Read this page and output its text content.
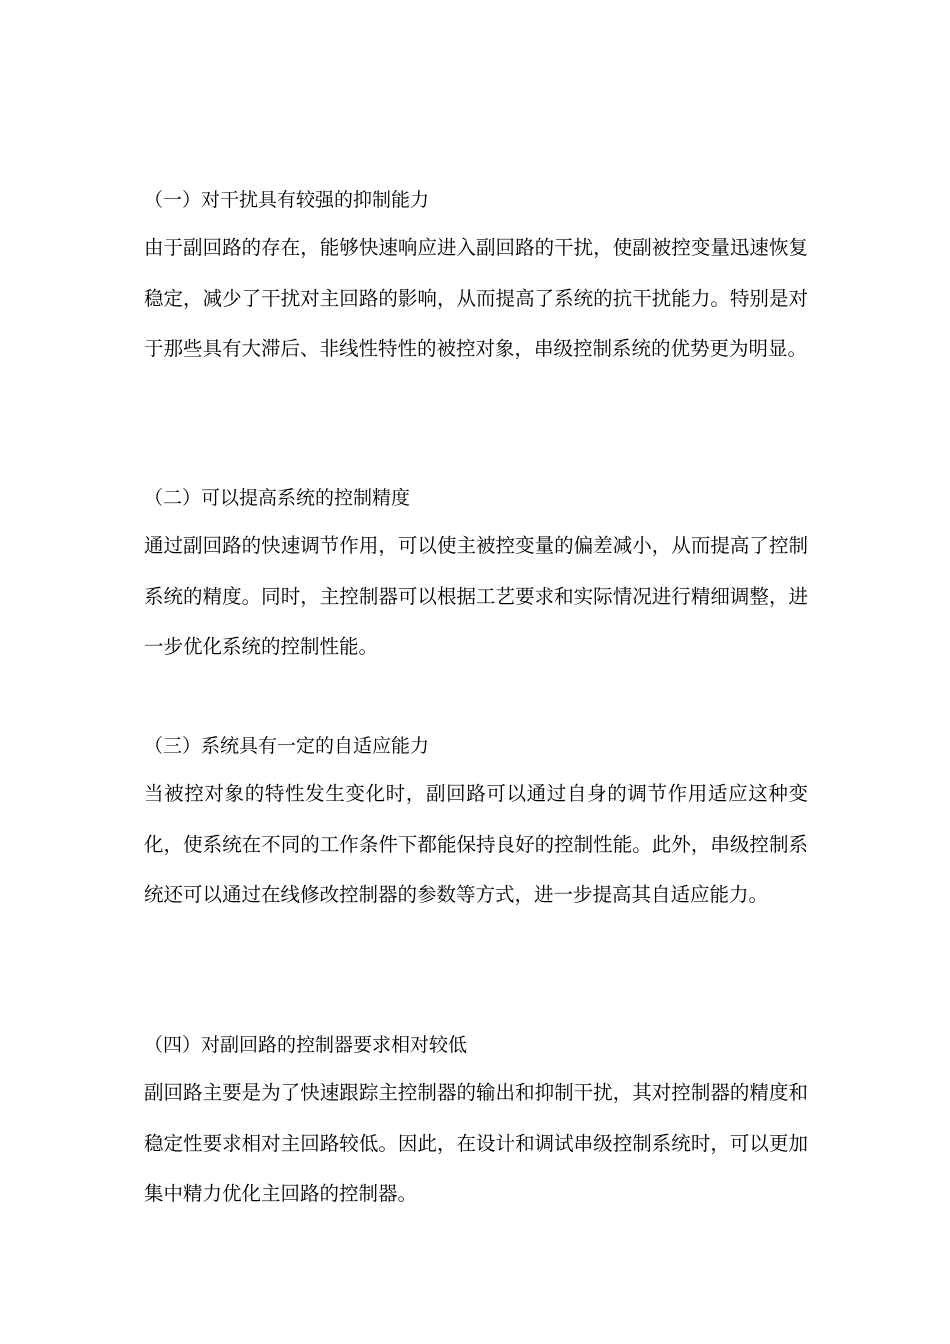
（一）对干扰具有较强的抑制能力

由于副回路的存在，能够快速响应进入副回路的干扰，使副被控变量迅速恢复稳定，减少了干扰对主回路的影响，从而提高了系统的抗干扰能力。特别是对于那些具有大滞后、非线性特性的被控对象，串级控制系统的优势更为明显。

（二）可以提高系统的控制精度

通过副回路的快速调节作用，可以使主被控变量的偏差减小，从而提高了控制系统的精度。同时，主控制器可以根据工艺要求和实际情况进行精细调整，进一步优化系统的控制性能。

（三）系统具有一定的自适应能力

当被控对象的特性发生变化时，副回路可以通过自身的调节作用适应这种变化，使系统在不同的工作条件下都能保持良好的控制性能。此外，串级控制系统还可以通过在线修改控制器的参数等方式，进一步提高其自适应能力。

（四）对副回路的控制器要求相对较低

副回路主要是为了快速跟踪主控制器的输出和抑制干扰，其对控制器的精度和稳定性要求相对主回路较低。因此，在设计和调试串级控制系统时，可以更加集中精力优化主回路的控制器。
